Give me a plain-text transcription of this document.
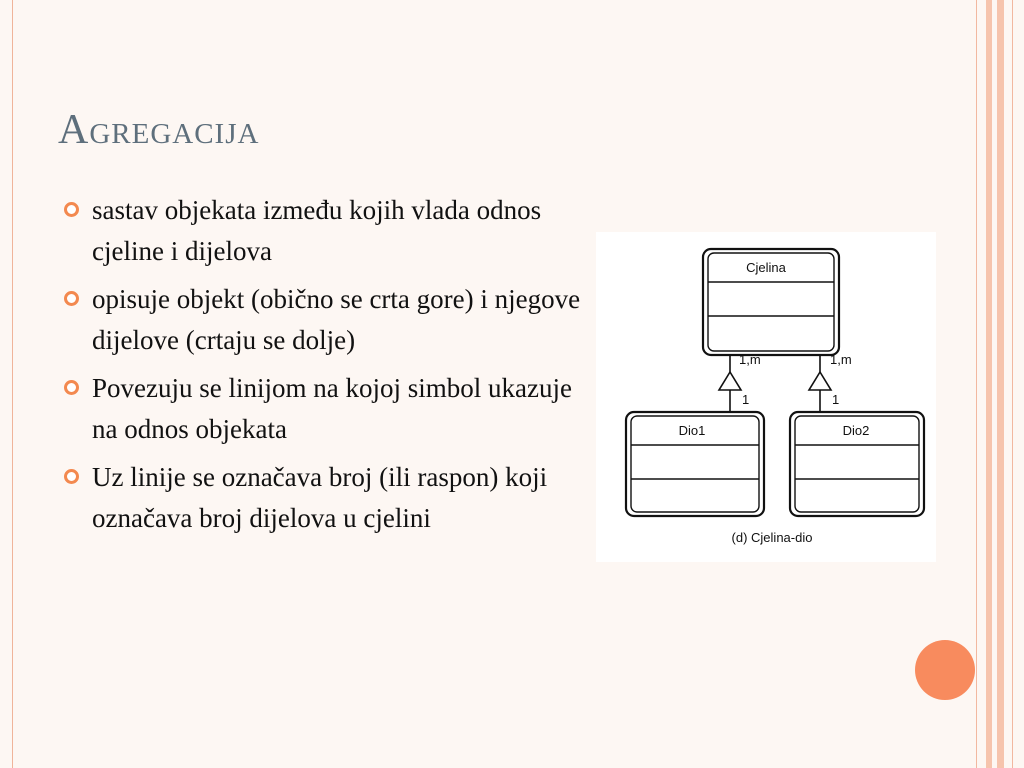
Agregacija
sastav objekata između kojih vlada odnos cjeline i dijelova
opisuje objekt (obično se crta gore) i njegove dijelove (crtaju se dolje)
Povezuju se linijom na kojoj simbol ukazuje na odnos objekata
Uz linije se označava broj (ili raspon) koji označava broj dijelova u cjelini
Cjelina
1,m
1
1,m
1
Dio1	Dio2
(d) Cjelina-dio
